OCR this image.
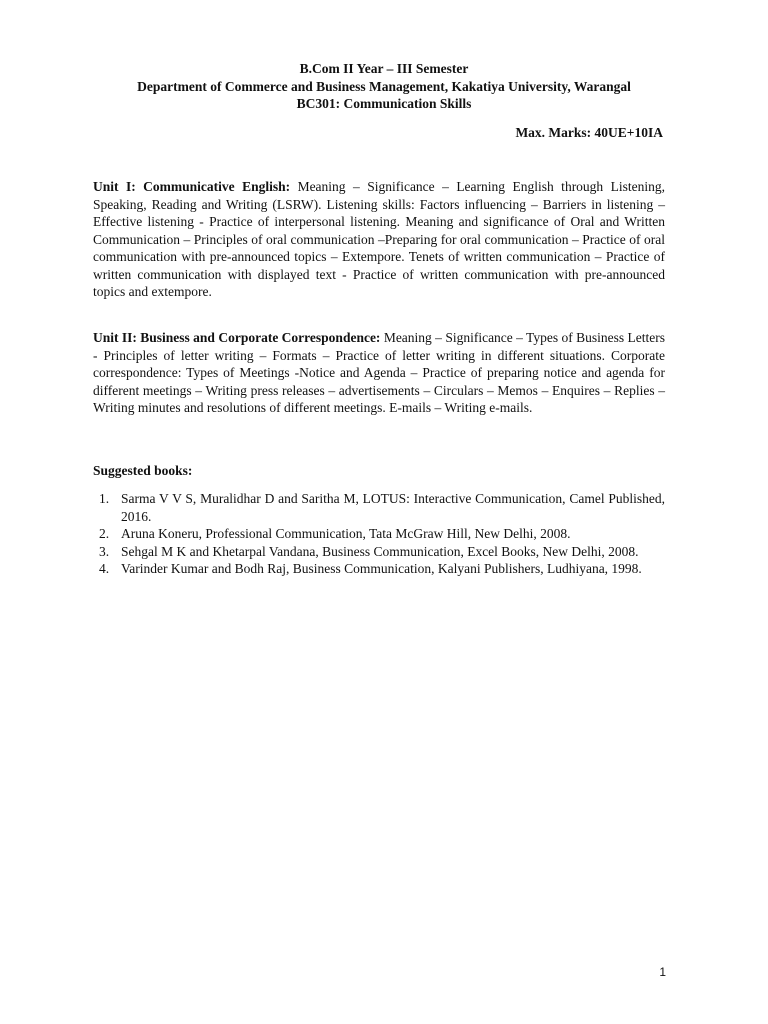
B.Com II Year – III Semester
Department of Commerce and Business Management, Kakatiya University, Warangal
BC301: Communication Skills
Max. Marks: 40UE+10IA
Unit I: Communicative English: Meaning – Significance – Learning English through Listening, Speaking, Reading and Writing (LSRW). Listening skills: Factors influencing – Barriers in listening – Effective listening - Practice of interpersonal listening. Meaning and significance of Oral and Written Communication – Principles of oral communication –Preparing for oral communication – Practice of oral communication with pre-announced topics – Extempore. Tenets of written communication – Practice of written communication with displayed text - Practice of written communication with pre-announced topics and extempore.
Unit II: Business and Corporate Correspondence: Meaning – Significance – Types of Business Letters - Principles of letter writing – Formats – Practice of letter writing in different situations. Corporate correspondence: Types of Meetings -Notice and Agenda – Practice of preparing notice and agenda for different meetings – Writing press releases – advertisements – Circulars – Memos – Enquires – Replies – Writing minutes and resolutions of different meetings. E-mails – Writing e-mails.
Suggested books:
1. Sarma V V S, Muralidhar D and Saritha M, LOTUS: Interactive Communication, Camel Published, 2016.
2. Aruna Koneru, Professional Communication, Tata McGraw Hill, New Delhi, 2008.
3. Sehgal M K and Khetarpal Vandana, Business Communication, Excel Books, New Delhi, 2008.
4. Varinder Kumar and Bodh Raj, Business Communication, Kalyani Publishers, Ludhiyana, 1998.
1
